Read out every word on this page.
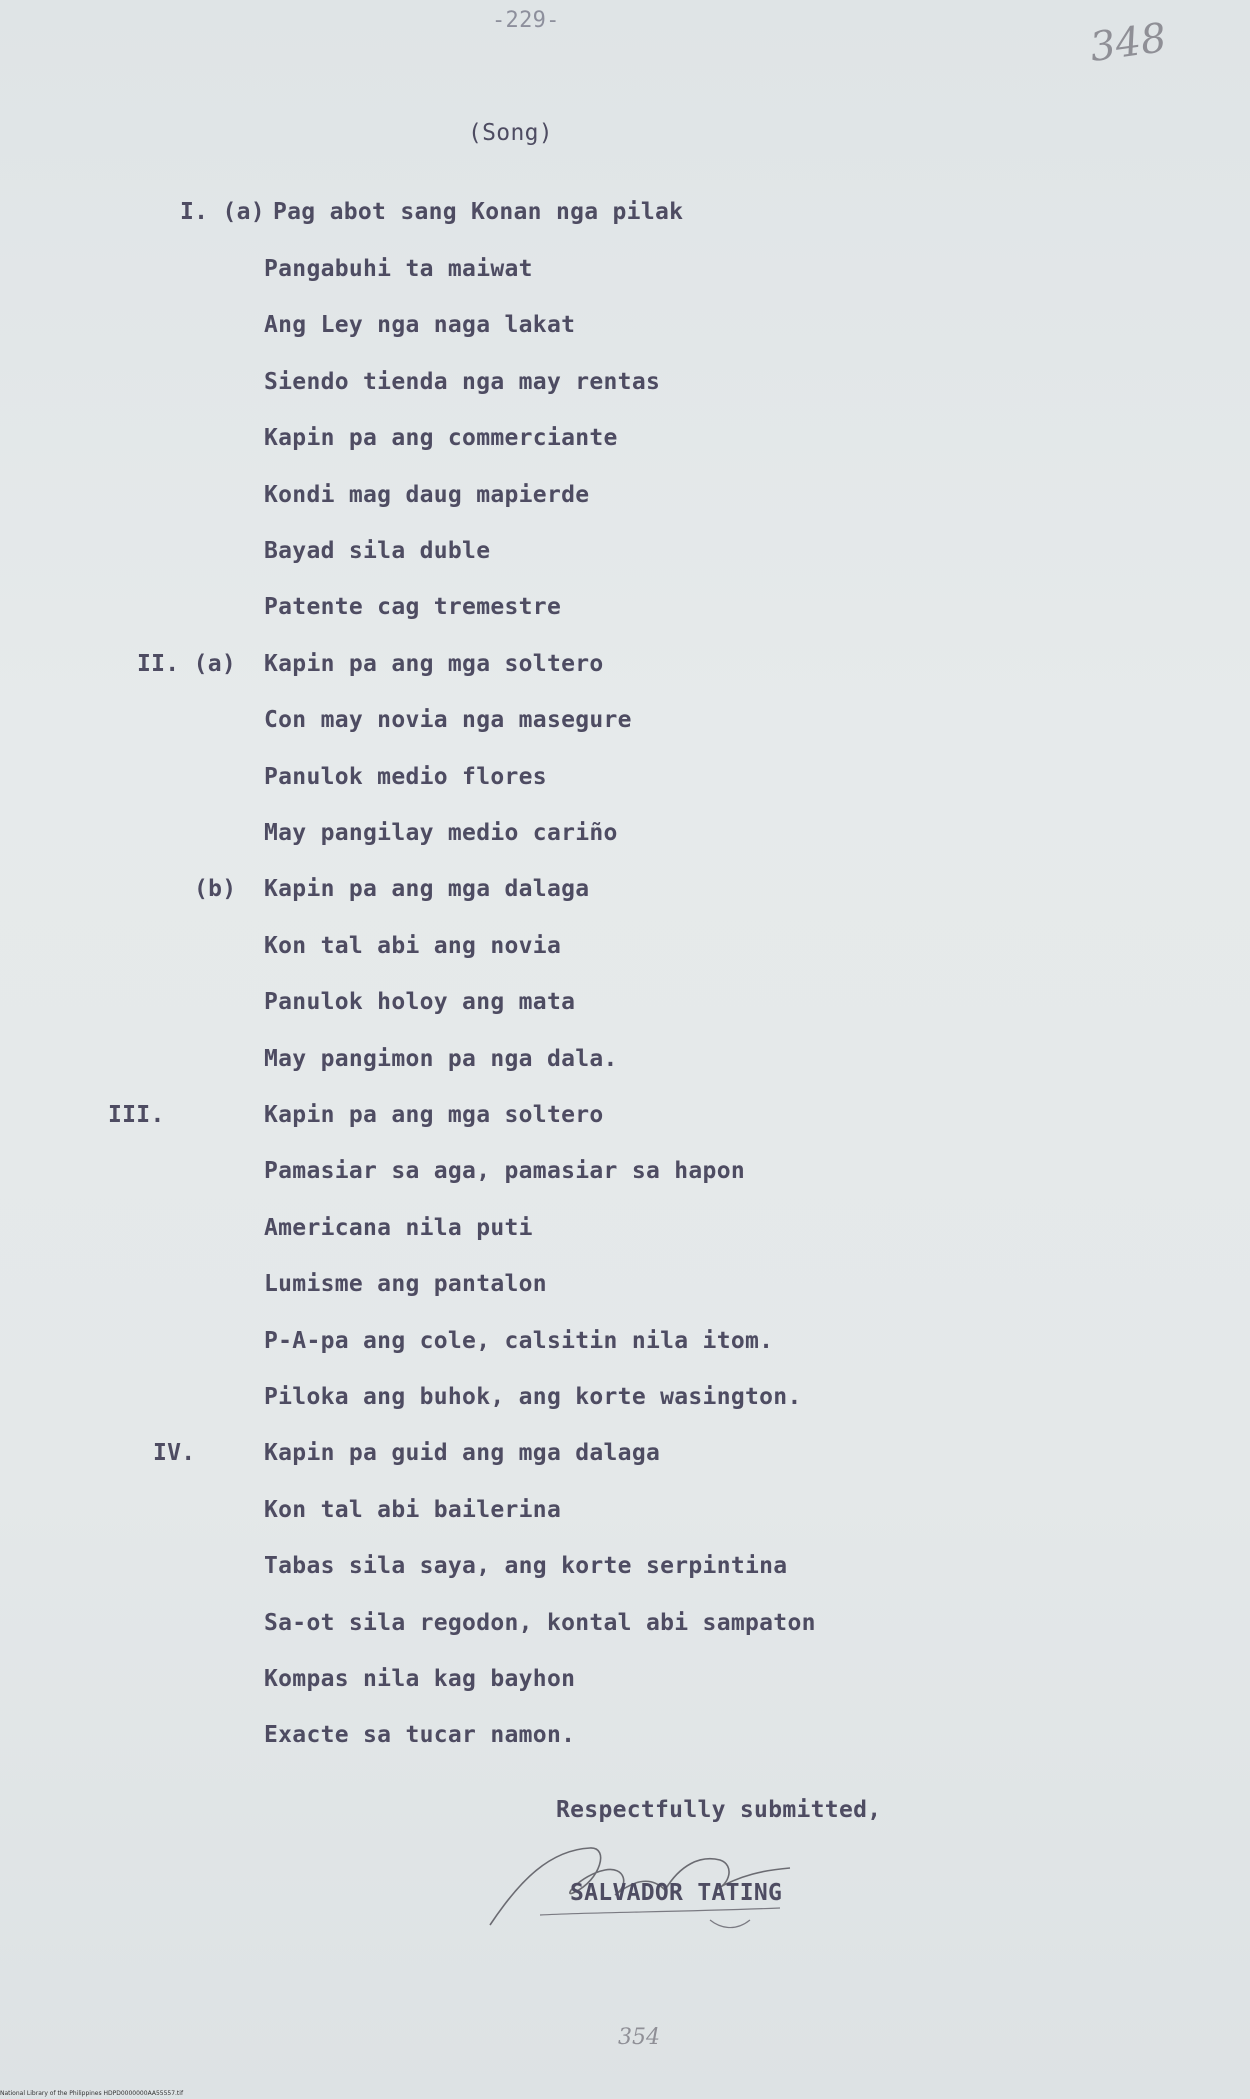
-229-	348
(Song)
I. (a) Pag abot sang Konan nga pilak
Pangabuhi ta maiwat
Ang Ley nga naga lakat
Siendo tienda nga may rentas
Kapin pa ang commerciante
Kondi mag daug mapierde
Bayad sila duble
Patente cag tremestre
II. (a) Kapin pa ang mga soltero
Con may novia nga masegure
Panulok medio flores
May pangilay medio cariño
(b) Kapin pa ang mga dalaga
Kon tal abi ang novia
Panulok holoy ang mata
May pangimon pa nga dala.
III.	Kapin pa ang mga soltero
Pamasiar sa aga, pamasiar sa hapon
Americana nila puti
Lumisme ang pantalon
P-A-pa ang cole, calsitin nila itom.
Piloka ang buhok, ang korte wasington.
IV.	Kapin pa guid ang mga dalaga
Kon tal abi bailerina
Tabas sila saya, ang korte serpintina
Sa-ot sila regodon, kontal abi sampaton
Kompas nila kag bayhon
Exacte sa tucar namon.
Respectfully submitted,
SALVADOR TATING
354
National Library of the Philippines HDPD0000000AA55557.tif
